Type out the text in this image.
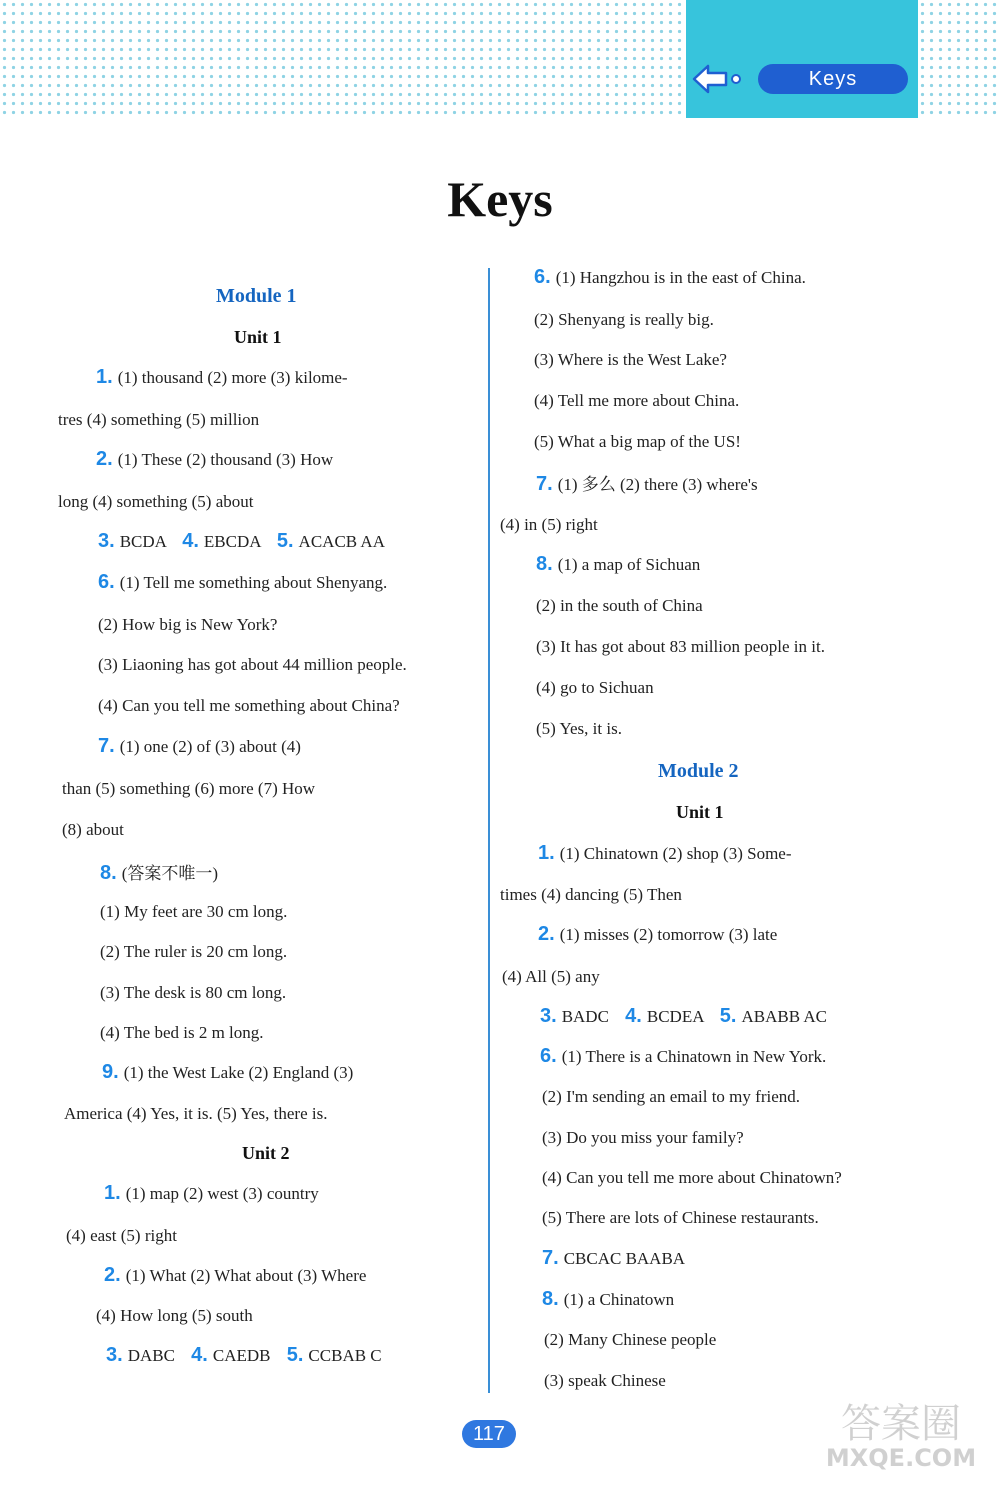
Keys
Keys
Module 1
Unit 1
1. (1) thousand (2) more (3) kilome-
tres (4) something (5) million
2. (1) These (2) thousand (3) How
long (4) something (5) about
3. BCDA 4. EBCDA 5. ACACB AA
6. (1) Tell me something about Shenyang.
(2) How big is New York?
(3) Liaoning has got about 44 million people.
(4) Can you tell me something about China?
7. (1) one (2) of (3) about (4)
than (5) something (6) more (7) How
(8) about
8. (答案不唯一)
(1) My feet are 30 cm long.
(2) The ruler is 20 cm long.
(3) The desk is 80 cm long.
(4) The bed is 2 m long.
9. (1) the West Lake (2) England (3)
America (4) Yes, it is. (5) Yes, there is.
Unit 2
1. (1) map (2) west (3) country
(4) east (5) right
2. (1) What (2) What about (3) Where
(4) How long (5) south
3. DABC 4. CAEDB 5. CCBAB C
6. (1) Hangzhou is in the east of China.
(2) Shenyang is really big.
(3) Where is the West Lake?
(4) Tell me more about China.
(5) What a big map of the US!
7. (1) 多么 (2) there (3) where's
(4) in (5) right
8. (1) a map of Sichuan
(2) in the south of China
(3) It has got about 83 million people in it.
(4) go to Sichuan
(5) Yes, it is.
Module 2
Unit 1
1. (1) Chinatown (2) shop (3) Some-
times (4) dancing (5) Then
2. (1) misses (2) tomorrow (3) late
(4) All (5) any
3. BADC 4. BCDEA 5. ABABB AC
6. (1) There is a Chinatown in New York.
(2) I'm sending an email to my friend.
(3) Do you miss your family?
(4) Can you tell me more about Chinatown?
(5) There are lots of Chinese restaurants.
7. CBCAC BAABA
8. (1) a Chinatown
(2) Many Chinese people
(3) speak Chinese
117	答案圈
MXQE.COM
